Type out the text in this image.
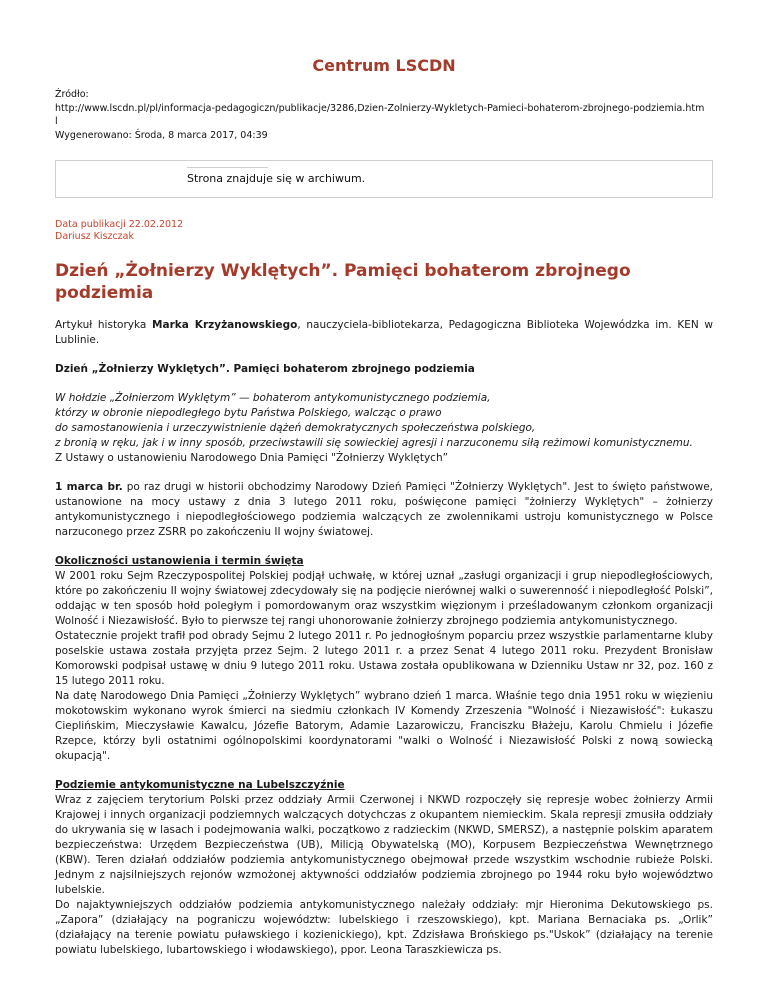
Centrum LSCDN
Źródło:
http://www.lscdn.pl/pl/informacja-pedagogiczn/publikacje/3286,Dzien-Zolnierzy-Wykletych-Pamieci-bohaterom-zbrojnego-podziemia.htm
l
Wygenerowano: Środa, 8 marca 2017, 04:39
Strona znajduje się w archiwum.
Data publikacji 22.02.2012
Dariusz Kiszczak
Dzień „Żołnierzy Wyklętych”. Pamięci bohaterom zbrojnego podziemia

Artykuł historyka Marka Krzyżanowskiego, nauczyciela-bibliotekarza, Pedagogiczna Biblioteka Wojewódzka im. KEN w Lublinie.

Dzień „Żołnierzy Wyklętych”. Pamięci bohaterom zbrojnego podziemia

W hołdzie „Żołnierzom Wyklętym” — bohaterom antykomunistycznego podziemia,
którzy w obronie niepodległego bytu Państwa Polskiego, walcząc o prawo
do samostanowienia i urzeczywistnienie dążeń demokratycznych społeczeństwa polskiego,
z bronią w ręku, jak i w inny sposób, przeciwstawili się sowieckiej agresji i narzuconemu siłą reżimowi komunistycznemu.
Z Ustawy o ustanowieniu Narodowego Dnia Pamięci "Żołnierzy Wyklętych”

1 marca br. po raz drugi w historii obchodzimy Narodowy Dzień Pamięci "Żołnierzy Wyklętych". Jest to święto państwowe, ustanowione na mocy ustawy z dnia 3 lutego 2011 roku, poświęcone pamięci "żołnierzy Wyklętych" – żołnierzy antykomunistycznego i niepodległościowego podziemia walczących ze zwolennikami ustroju komunistycznego w Polsce narzuconego przez ZSRR po zakończeniu II wojny światowej.

Okoliczności ustanowienia i termin święta

W 2001 roku Sejm Rzeczypospolitej Polskiej podjął uchwałę, w której uznał „zasługi organizacji i grup niepodległościowych, które po zakończeniu II wojny światowej zdecydowały się na podjęcie nierównej walki o suwerenność i niepodległość Polski”, oddając w ten sposób hołd poległym i pomordowanym oraz wszystkim więzionym i prześladowanym członkom organizacji Wolność i Niezawisłość. Było to pierwsze tej rangi uhonorowanie żołnierzy zbrojnego podziemia antykomunistycznego.

Ostatecznie projekt trafił pod obrady Sejmu 2 lutego 2011 r. Po jednogłośnym poparciu przez wszystkie parlamentarne kluby poselskie ustawa została przyjęta przez Sejm. 2 lutego 2011 r. a przez Senat 4 lutego 2011 roku. Prezydent Bronisław Komorowski podpisał ustawę w dniu 9 lutego 2011 roku. Ustawa została opublikowana w Dzienniku Ustaw nr 32, poz. 160 z 15 lutego 2011 roku.

Na datę Narodowego Dnia Pamięci „Żołnierzy Wyklętych” wybrano dzień 1 marca. Właśnie tego dnia 1951 roku w więzieniu mokotowskim wykonano wyrok śmierci na siedmiu członkach IV Komendy Zrzeszenia "Wolność i Niezawisłość": Łukaszu Cieplińskim, Mieczysławie Kawalcu, Józefie Batorym, Adamie Lazarowiczu, Franciszku Błażeju, Karolu Chmielu i Józefie Rzepce, którzy byli ostatnimi ogólnopolskimi koordynatorami "walki o Wolność i Niezawisłość Polski z nową sowiecką okupacją".

Podziemie antykomunistyczne na Lubelszczyźnie

Wraz z zajęciem terytorium Polski przez oddziały Armii Czerwonej i NKWD rozpoczęły się represje wobec żołnierzy Armii Krajowej i innych organizacji podziemnych walczących dotychczas z okupantem niemieckim. Skala represji zmusiła oddziały do ukrywania się w lasach i podejmowania walki, początkowo z radzieckim (NKWD, SMERSZ), a następnie polskim aparatem bezpieczeństwa: Urzędem Bezpieczeństwa (UB), Milicją Obywatelską (MO), Korpusem Bezpieczeństwa Wewnętrznego (KBW). Teren działań oddziałów podziemia antykomunistycznego obejmował przede wszystkim wschodnie rubieże Polski. Jednym z najsilniejszych rejonów wzmożonej aktywności oddziałów podziemia zbrojnego po 1944 roku było województwo lubelskie.

Do najaktywniejszych oddziałów podziemia antykomunistycznego należały oddziały: mjr Hieronima Dekutowskiego ps. „Zapora” (działający na pograniczu województw: lubelskiego i rzeszowskiego), kpt. Mariana Bernaciaka ps. „Orlik” (działający na terenie powiatu puławskiego i kozienickiego), kpt. Zdzisława Brońskiego ps."Uskok” (działający na terenie powiatu lubelskiego, lubartowskiego i włodawskiego), ppor. Leona Taraszkiewicza ps.
